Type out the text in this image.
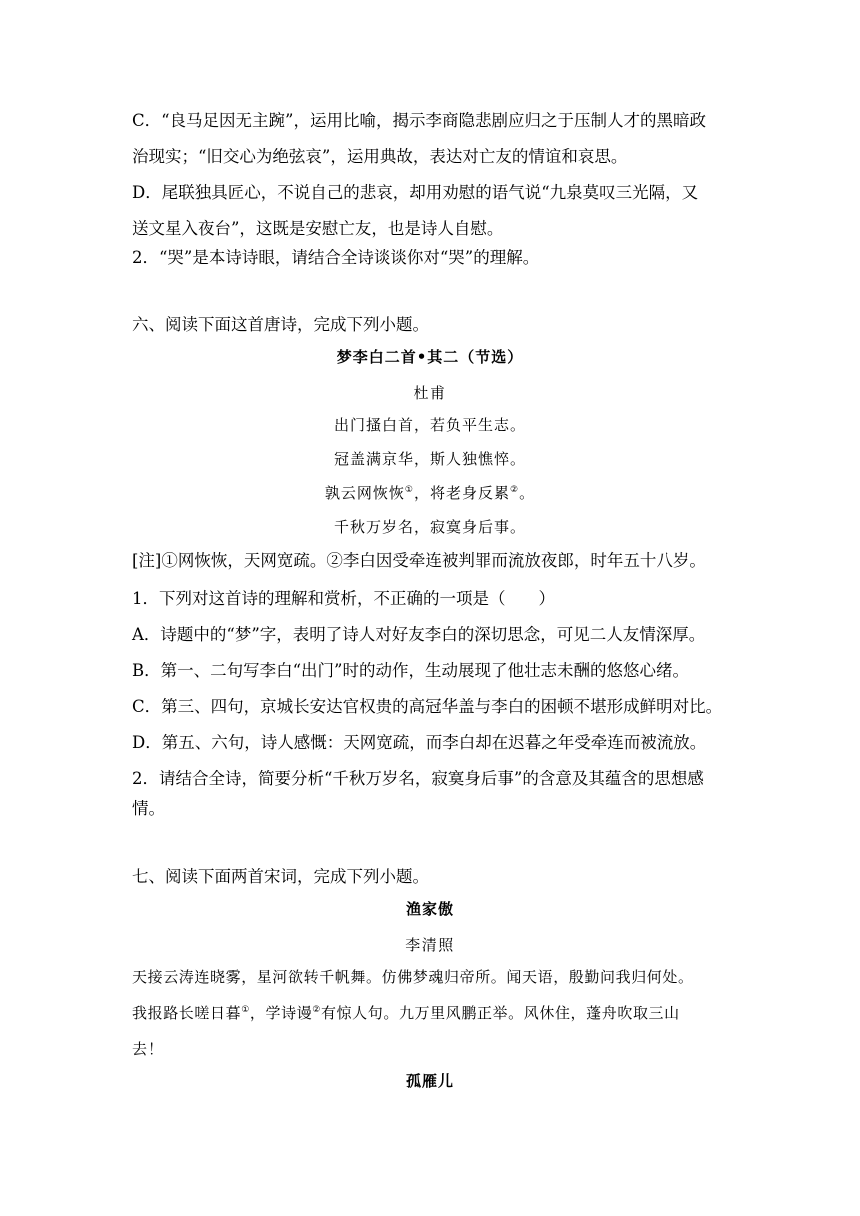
C．“良马足因无主踠”，运用比喻，揭示李商隐悲剧应归之于压制人才的黑暗政
治现实；“旧交心为绝弦哀”，运用典故，表达对亡友的情谊和哀思。
D．尾联独具匠心，不说自己的悲哀，却用劝慰的语气说“九泉莫叹三光隔，又
送文星入夜台”，这既是安慰亡友，也是诗人自慰。
2．“哭”是本诗诗眼，请结合全诗谈谈你对“哭”的理解。
六、阅读下面这首唐诗，完成下列小题。
梦李白二首•其二（节选）
杜甫
出门搔白首，若负平生志。
冠盖满京华，斯人独憔悴。
孰云网恢恢①，将老身反累②。
千秋万岁名，寂寞身后事。
[注]①网恢恢，天网宽疏。②李白因受牵连被判罪而流放夜郎，时年五十八岁。
1．下列对这首诗的理解和赏析，不正确的一项是（　　）
A．诗题中的“梦”字，表明了诗人对好友李白的深切思念，可见二人友情深厚。
B．第一、二句写李白“出门”时的动作，生动展现了他壮志未酬的悠悠心绪。
C．第三、四句，京城长安达官权贵的高冠华盖与李白的困顿不堪形成鲜明对比。
D．第五、六句，诗人感慨：天网宽疏，而李白却在迟暮之年受牵连而被流放。
2．请结合全诗，简要分析“千秋万岁名，寂寞身后事”的含意及其蕴含的思想感
情。
七、阅读下面两首宋词，完成下列小题。
渔家傲
李清照
天接云涛连晓雾，星河欲转千帆舞。仿佛梦魂归帝所。闻天语，殷勤问我归何处。
我报路长嗟日暮①，学诗谩②有惊人句。九万里风鹏正举。风休住，蓬舟吹取三山
去！
孤雁儿
